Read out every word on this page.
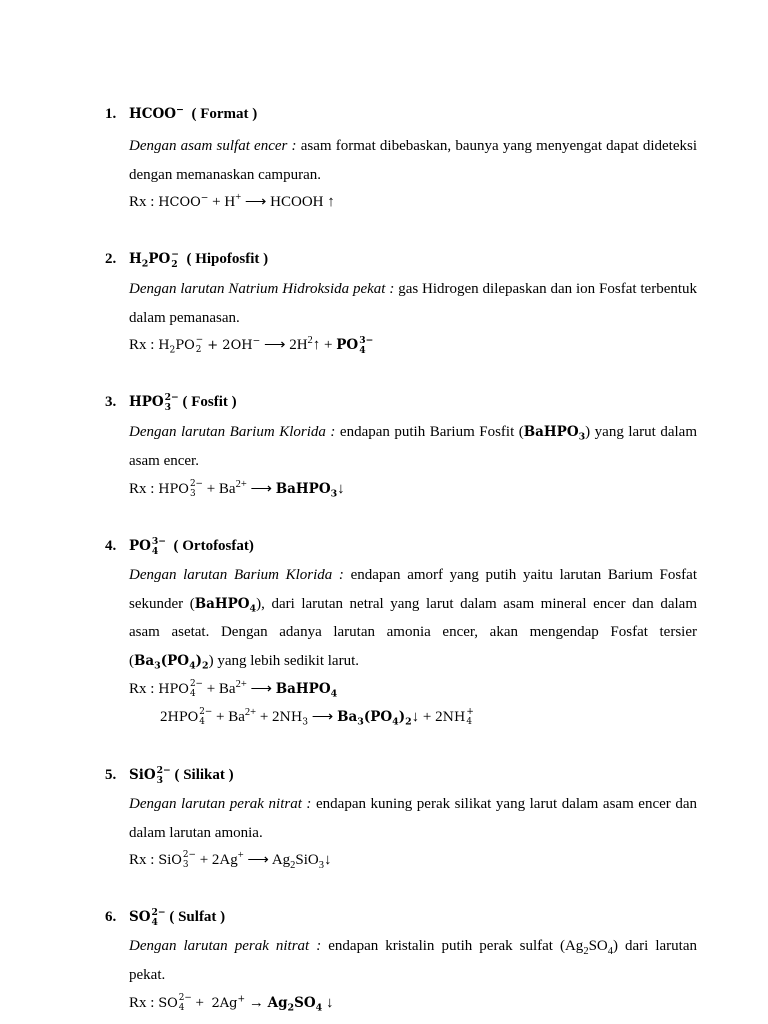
1. HCOO− ( Format )
Dengan asam sulfat encer : asam format dibebaskan, baunya yang menyengat dapat dideteksi dengan memanaskan campuran.
Rx : HCOO− + H+ ⟶ HCOOH ↑
2. $H_2PO$ −
2 ( Hipofosfit )
Dengan larutan Natrium Hidroksida pekat : gas Hidrogen dilepaskan dan ion Fosfat terbentuk dalam pemanasan.
Rx : $H_2PO$ −
2 + 2OH− ⟶ $2H^2↑$ + PO 3−
4
3. HPO 2−
3 ( Fosfit )
Dengan larutan Barium Klorida : endapan putih Barium Fosfit (BaHPO$_3$) yang larut dalam asam encer.
Rx : HPO 2−
$3 + Ba^{2+}$ ⟶ BaHPO$_3$↓
4. PO 3−
4	( Ortofosfat)
Dengan larutan Barium Klorida : endapan amorf yang putih yaitu larutan Barium Fosfat sekunder (BaHPO$_4$), dari larutan netral yang larut dalam asam mineral encer dan dalam asam asetat. Dengan adanya larutan amonia encer, akan mengendap Fosfat tersier $(Ba_3(PO_4)_2)$ yang lebih sedikit larut.
Rx : HPO 2−
$4 + Ba^{2+}$ ⟶ BaHPO$_4$
2HPO 2−
$4 + Ba^{2+} + 2NH_3$ ⟶ $Ba_3(PO_4)_2↓ + 2NH$ +
4
5. SiO 2−
3 ( Silikat )
Dengan larutan perak nitrat : endapan kuning perak silikat yang larut dalam asam encer dan dalam larutan amonia.
Rx : SiO 2−
3 + 2Ag+ ⟶ $Ag_2SiO_3↓$
6. SO 2−
4 ( Sulfat )
Dengan larutan perak nitrat : endapan kristalin putih perak sulfat $(Ag_2SO_4)$ dari larutan pekat.
Rx : SO 2−
$4 + 2Ag^+ \to Ag_2SO_4$ ↓
